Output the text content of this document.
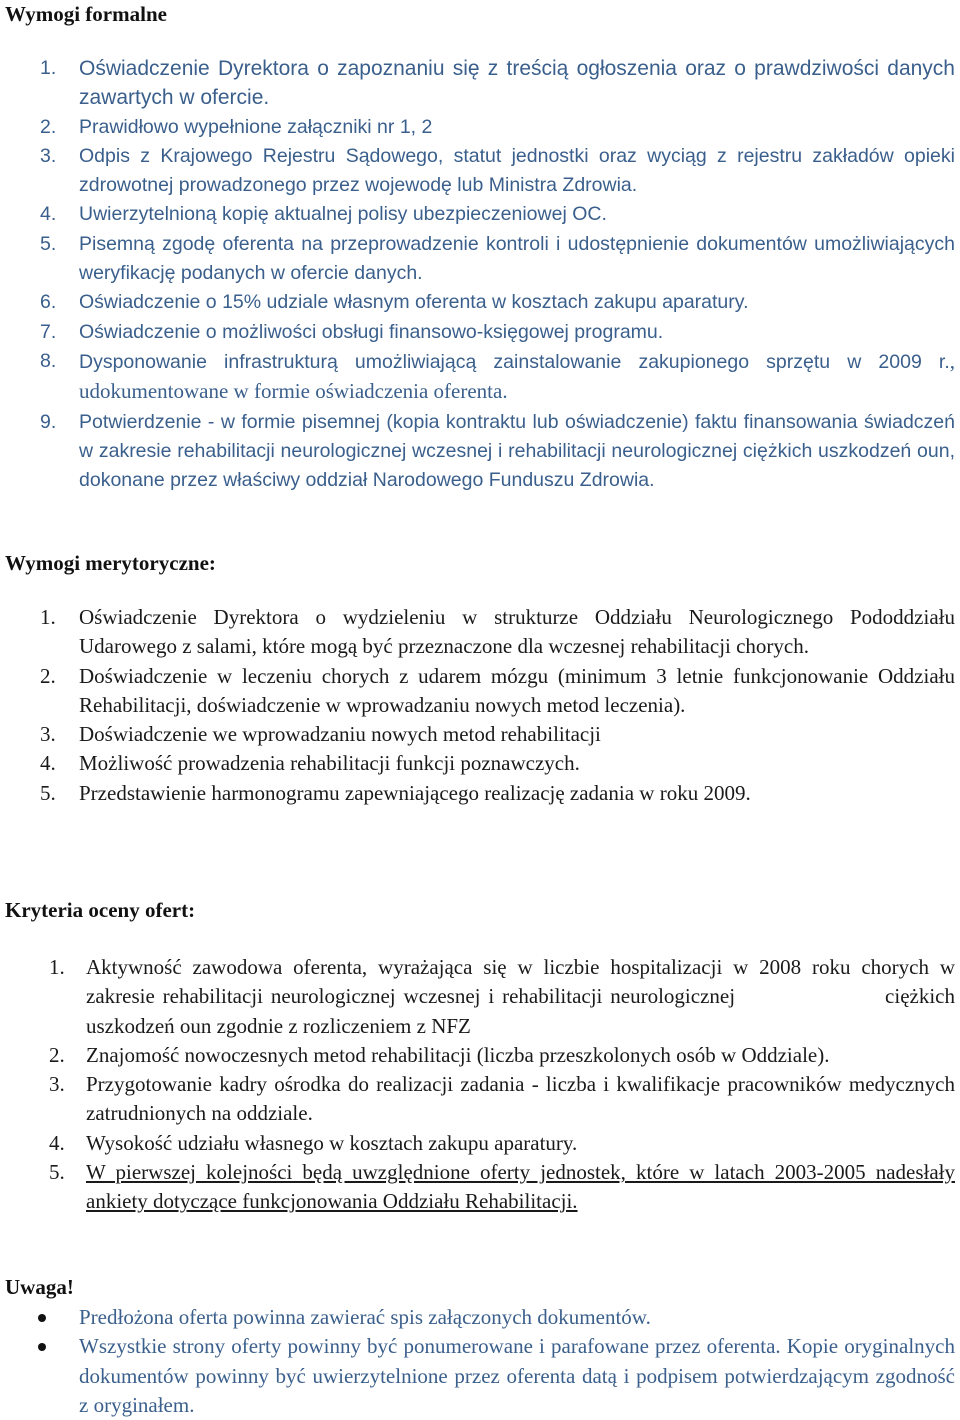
Wymogi formalne
1. Oświadczenie Dyrektora o zapoznaniu się z treścią ogłoszenia oraz o prawdziwości danych zawartych w ofercie.
2. Prawidłowo wypełnione załączniki nr 1, 2
3. Odpis z Krajowego Rejestru Sądowego, statut jednostki oraz wyciąg z rejestru zakładów opieki zdrowotnej prowadzonego przez wojewodę lub Ministra Zdrowia.
4. Uwierzytelnioną kopię aktualnej polisy ubezpieczeniowej OC.
5. Pisemną zgodę oferenta na przeprowadzenie kontroli i udostępnienie dokumentów umożliwiających weryfikację podanych w ofercie danych.
6. Oświadczenie o 15% udziale własnym oferenta w kosztach zakupu aparatury.
7. Oświadczenie o możliwości obsługi finansowo-księgowej programu.
8. Dysponowanie infrastrukturą umożliwiającą zainstalowanie zakupionego sprzętu w 2009 r., udokumentowane w formie oświadczenia oferenta.
9. Potwierdzenie - w formie pisemnej (kopia kontraktu lub oświadczenie) faktu finansowania świadczeń w zakresie rehabilitacji neurologicznej wczesnej i rehabilitacji neurologicznej ciężkich uszkodzeń oun, dokonane przez właściwy oddział Narodowego Funduszu Zdrowia.
Wymogi merytoryczne:
1. Oświadczenie Dyrektora o wydzieleniu w strukturze Oddziału Neurologicznego Pododdziału Udarowego z salami, które mogą być przeznaczone dla wczesnej rehabilitacji chorych.
2. Doświadczenie w leczeniu chorych z udarem mózgu (minimum 3 letnie funkcjonowanie Oddziału Rehabilitacji, doświadczenie w wprowadzaniu nowych metod leczenia).
3. Doświadczenie we wprowadzaniu nowych metod rehabilitacji
4. Możliwość prowadzenia rehabilitacji funkcji poznawczych.
5. Przedstawienie harmonogramu zapewniającego realizację zadania w roku 2009.
Kryteria oceny ofert:
1. Aktywność zawodowa oferenta, wyrażająca się w liczbie hospitalizacji w 2008 roku chorych w zakresie rehabilitacji neurologicznej wczesnej i rehabilitacji neurologicznej	ciężkich uszkodzeń oun zgodnie z rozliczeniem z NFZ
2. Znajomość nowoczesnych metod rehabilitacji (liczba przeszkolonych osób w Oddziale).
3. Przygotowanie kadry ośrodka do realizacji zadania - liczba i kwalifikacje pracowników medycznych zatrudnionych na oddziale.
4. Wysokość udziału własnego w kosztach zakupu aparatury.
5. W pierwszej kolejności będą uwzględnione oferty jednostek, które w latach 2003-2005 nadesłały ankiety dotyczące funkcjonowania Oddziału Rehabilitacji.
Uwaga!
Predłożona oferta powinna zawierać spis załączonych dokumentów.
Wszystkie strony oferty powinny być ponumerowane i parafowane przez oferenta. Kopie oryginalnych dokumentów powinny być uwierzytelnione przez oferenta datą i podpisem potwierdzającym zgodność z oryginałem.
